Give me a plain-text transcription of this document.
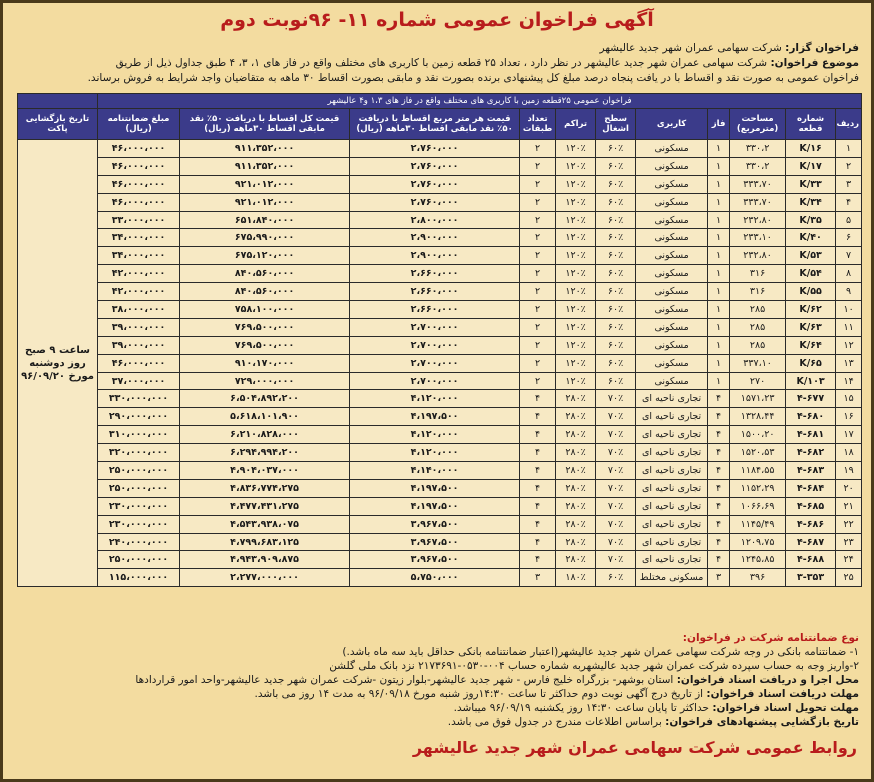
آگهی فراخوان عمومی شماره ۱۱- ۹۶نوبت دوم
فراخوان گزار: شرکت سهامی عمران شهر جدید عالیشهر
موضوع فراخوان: شرکت سهامی عمران شهر جدید عالیشهر در نظر دارد ، تعداد ۲۵ قطعه زمین با کاربری های مختلف واقع در فاز های ۱، ۳، ۴ طبق جداول ذیل از طریق
فراخوان عمومی به صورت نقد و اقساط با در یافت پنجاه درصد مبلغ کل پیشنهادی برنده بصورت نقد و مابقی بصورت اقساط ۳۰ ماهه به متقاضیان واجد شرایط به فروش برساند.
فراخوان عمومی ۲۵قطعه زمین با کاربری های مختلف واقع در فاز های ۱،۳ و۴ عالیشهر											
ردیف	شماره قطعه	مساحت (مترمربع)	فاز	کاربری	سطح اشغال	تراکم	تعداد طبقات	قیمت هر متر مربع اقساط با دریافت ۵۰٪ نقد مابقی اقساط ۳۰ماهه (ریال)	قیمت کل اقساط با دریافت ۵۰٪ نقد مابقی اقساط ۳۰ماهه (ریال)	مبلغ ضمانتنامه (ریال)	تاریخ بازگشایی پاکت
۱	K/۱۶	۳۳۰،۲	۱	مسکونی	۶۰٪	۱۲۰٪	۲	۲،۷۶۰،۰۰۰	۹۱۱،۳۵۲،۰۰۰	۴۶،۰۰۰،۰۰۰	ساعت ۹ صبح روز دوشنبه مورخ ۹۶/۰۹/۲۰
۲	K/۱۷	۳۳۰،۲	۱	مسکونی	۶۰٪	۱۲۰٪	۲	۲،۷۶۰،۰۰۰	۹۱۱،۳۵۲،۰۰۰	۴۶،۰۰۰،۰۰۰	
۳	K/۳۳	۳۳۳،۷۰	۱	مسکونی	۶۰٪	۱۲۰٪	۲	۲،۷۶۰،۰۰۰	۹۲۱،۰۱۲،۰۰۰	۴۶،۰۰۰،۰۰۰	
۴	K/۳۴	۳۳۳،۷۰	۱	مسکونی	۶۰٪	۱۲۰٪	۲	۲،۷۶۰،۰۰۰	۹۲۱،۰۱۲،۰۰۰	۴۶،۰۰۰،۰۰۰	
۵	K/۳۵	۲۳۲،۸۰	۱	مسکونی	۶۰٪	۱۲۰٪	۲	۲،۸۰۰،۰۰۰	۶۵۱،۸۴۰،۰۰۰	۳۳،۰۰۰،۰۰۰	
۶	K/۴۰	۲۳۳،۱۰	۱	مسکونی	۶۰٪	۱۲۰٪	۲	۲،۹۰۰،۰۰۰	۶۷۵،۹۹۰،۰۰۰	۳۴،۰۰۰،۰۰۰	
۷	K/۵۳	۲۳۲،۸۰	۱	مسکونی	۶۰٪	۱۲۰٪	۲	۲،۹۰۰،۰۰۰	۶۷۵،۱۲۰،۰۰۰	۳۴،۰۰۰،۰۰۰	
۸	K/۵۴	۳۱۶	۱	مسکونی	۶۰٪	۱۲۰٪	۲	۲،۶۶۰،۰۰۰	۸۴۰،۵۶۰،۰۰۰	۴۲،۰۰۰،۰۰۰	
۹	K/۵۵	۳۱۶	۱	مسکونی	۶۰٪	۱۲۰٪	۲	۲،۶۶۰،۰۰۰	۸۴۰،۵۶۰،۰۰۰	۴۲،۰۰۰،۰۰۰	
۱۰	K/۶۲	۲۸۵	۱	مسکونی	۶۰٪	۱۲۰٪	۲	۲،۶۶۰،۰۰۰	۷۵۸،۱۰۰،۰۰۰	۳۸،۰۰۰،۰۰۰	
۱۱	K/۶۳	۲۸۵	۱	مسکونی	۶۰٪	۱۲۰٪	۲	۲،۷۰۰،۰۰۰	۷۶۹،۵۰۰،۰۰۰	۳۹،۰۰۰،۰۰۰	
۱۲	K/۶۴	۲۸۵	۱	مسکونی	۶۰٪	۱۲۰٪	۲	۲،۷۰۰،۰۰۰	۷۶۹،۵۰۰،۰۰۰	۳۹،۰۰۰،۰۰۰	
۱۳	K/۶۵	۳۳۷،۱۰	۱	مسکونی	۶۰٪	۱۲۰٪	۲	۲،۷۰۰،۰۰۰	۹۱۰،۱۷۰،۰۰۰	۴۶،۰۰۰،۰۰۰	
۱۴	K/۱۰۳	۲۷۰	۱	مسکونی	۶۰٪	۱۲۰٪	۲	۲،۷۰۰،۰۰۰	۷۲۹،۰۰۰،۰۰۰	۳۷،۰۰۰،۰۰۰	
۱۵	۴-۶۷۷	۱۵۷۱،۲۳	۴	تجاری ناحیه ای	۷۰٪	۲۸۰٪	۴	۴،۱۲۰،۰۰۰	۶،۵۰۴،۸۹۲،۲۰۰	۳۳۰،۰۰۰،۰۰۰	
۱۶	۴-۶۸۰	۱۳۲۸،۴۴	۴	تجاری ناحیه ای	۷۰٪	۲۸۰٪	۴	۴،۱۹۷،۵۰۰	۵،۶۱۸،۱۰۱،۹۰۰	۲۹۰،۰۰۰،۰۰۰	
۱۷	۴-۶۸۱	۱۵۰۰،۲۰	۴	تجاری ناحیه ای	۷۰٪	۲۸۰٪	۴	۴،۱۲۰،۰۰۰	۶،۲۱۰،۸۲۸،۰۰۰	۳۱۰،۰۰۰،۰۰۰	
۱۸	۴-۶۸۲	۱۵۲۰،۵۳	۴	تجاری ناحیه ای	۷۰٪	۲۸۰٪	۴	۴،۱۲۰،۰۰۰	۶،۲۹۴،۹۹۴،۲۰۰	۳۲۰،۰۰۰،۰۰۰	
۱۹	۴-۶۸۳	۱۱۸۴،۵۵	۴	تجاری ناحیه ای	۷۰٪	۲۸۰٪	۴	۴،۱۴۰،۰۰۰	۴،۹۰۴،۰۳۷،۰۰۰	۲۵۰،۰۰۰،۰۰۰	
۲۰	۴-۶۸۴	۱۱۵۲،۲۹	۴	تجاری ناحیه ای	۷۰٪	۲۸۰٪	۴	۴،۱۹۷،۵۰۰	۴،۸۳۶،۷۷۴،۲۷۵	۲۵۰،۰۰۰،۰۰۰	
۲۱	۴-۶۸۵	۱۰۶۶،۶۹	۴	تجاری ناحیه ای	۷۰٪	۲۸۰٪	۴	۴،۱۹۷،۵۰۰	۴،۴۷۷،۴۳۱،۲۷۵	۲۳۰،۰۰۰،۰۰۰	
۲۲	۴-۶۸۶	۱۱۴۵/۴۹	۴	تجاری ناحیه ای	۷۰٪	۲۸۰٪	۴	۳،۹۶۷،۵۰۰	۴،۵۴۳،۹۳۸،۰۷۵	۲۳۰،۰۰۰،۰۰۰	
۲۳	۴-۶۸۷	۱۲۰۹،۷۵	۴	تجاری ناحیه ای	۷۰٪	۲۸۰٪	۴	۳،۹۶۷،۵۰۰	۴،۷۹۹،۶۸۳،۱۲۵	۲۴۰،۰۰۰،۰۰۰	
۲۴	۴-۶۸۸	۱۲۴۵،۸۵	۴	تجاری ناحیه ای	۷۰٪	۲۸۰٪	۴	۳،۹۶۷،۵۰۰	۴،۹۴۳،۹۰۹،۸۷۵	۲۵۰،۰۰۰،۰۰۰	
۲۵	۳-۳۵۳	۳۹۶	۳	مسکونی مختلط	۶۰٪	۱۸۰٪	۳	۵،۷۵۰،۰۰۰	۲،۲۷۷،۰۰۰،۰۰۰	۱۱۵،۰۰۰،۰۰۰	
نوع ضمانتنامه شرکت در فراخوان:
۱- ضمانتنامه بانکی در وجه شرکت سهامی عمران شهر جدید عالیشهر(اعتبار ضمانتنامه بانکی حداقل باید سه ماه باشد.)
۲-واریز وجه به حساب سپرده شرکت عمران شهر جدید عالیشهربه شماره حساب ۰۰۴-۰۵۳۰-۲۱۷۳۶۹۱ نزد بانک ملی گلشن
محل اجرا و دریافت اسناد فراخوان: استان بوشهر- بزرگراه خلیج فارس - شهر جدید عالیشهر-بلوار زیتون -شرکت عمران شهر جدید عالیشهر-واحد امور قراردادها
مهلت دریافت اسناد فراخوان: از تاریخ درج آگهی نوبت دوم حداکثر تا ساعت ۱۴:۳۰روز شنبه مورخ ۹۶/۰۹/۱۸ به مدت ۱۴ روز می باشد.
مهلت تحویل اسناد فراخوان: حداکثر تا پایان ساعت ۱۴:۳۰ روز یکشنبه ۹۶/۰۹/۱۹ میباشد.
تاریخ بازگشایی پیشنهادهای فراخوان: براساس اطلاعات مندرج در جدول فوق می باشد.
روابط عمومی شرکت سهامی عمران شهر جدید عالیشهر
